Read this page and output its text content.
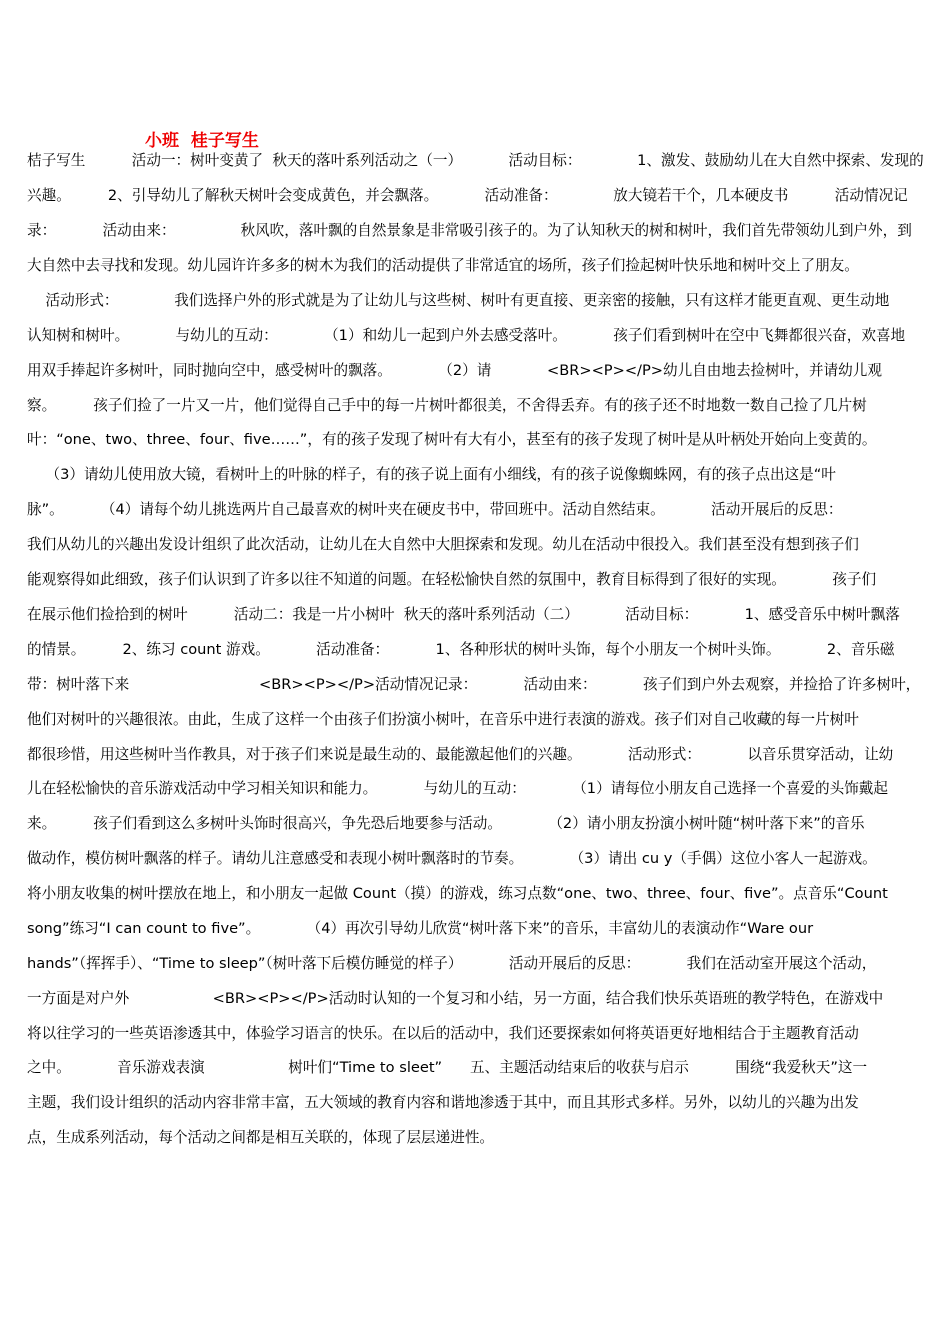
小班  桂子写生
桔子写生          活动一：树叶变黄了  秋天的落叶系列活动之（一）          活动目标：            1、激发、鼓励幼儿在大自然中探索、发现的
兴趣。        2、引导幼儿了解秋天树叶会变成黄色，并会飘落。          活动准备：            放大镜若干个，几本硬皮书          活动情况记
录：          活动由来：              秋风吹，落叶飘的自然景象是非常吸引孩子的。为了认知秋天的树和树叶，我们首先带领幼儿到户外，到
大自然中去寻找和发现。幼儿园许许多多的树木为我们的活动提供了非常适宜的场所，孩子们捡起树叶快乐地和树叶交上了朋友。
活动形式：            我们选择户外的形式就是为了让幼儿与这些树、树叶有更直接、更亲密的接触，只有这样才能更直观、更生动地
认知树和树叶。          与幼儿的互动：          （1）和幼儿一起到户外去感受落叶。          孩子们看到树叶在空中飞舞都很兴奋，欢喜地
用双手捧起许多树叶，同时抛向空中，感受树叶的飘落。          （2）请            <BR><P></P>幼儿自由地去捡树叶，并请幼儿观
察。        孩子们捡了一片又一片，他们觉得自己手中的每一片树叶都很美，不舍得丢弃。有的孩子还不时地数一数自己捡了几片树
叶：“one、two、three、four、five……”，有的孩子发现了树叶有大有小，甚至有的孩子发现了树叶是从叶柄处开始向上变黄的。
（3）请幼儿使用放大镜，看树叶上的叶脉的样子，有的孩子说上面有小细线，有的孩子说像蜘蛛网，有的孩子点出这是“叶
脉”。        （4）请每个幼儿挑选两片自己最喜欢的树叶夹在硬皮书中，带回班中。活动自然结束。          活动开展后的反思：
我们从幼儿的兴趣出发设计组织了此次活动，让幼儿在大自然中大胆探索和发现。幼儿在活动中很投入。我们甚至没有想到孩子们
能观察得如此细致，孩子们认识到了许多以往不知道的问题。在轻松愉快自然的氛围中，教育目标得到了很好的实现。          孩子们
在展示他们捡拾到的树叶          活动二：我是一片小树叶  秋天的落叶系列活动（二）          活动目标：          1、感受音乐中树叶飘落
的情景。        2、练习 count 游戏。          活动准备：          1、各种形状的树叶头饰，每个小朋友一个树叶头饰。          2、音乐磁
带：树叶落下来                            <BR><P></P>活动情况记录：          活动由来：          孩子们到户外去观察，并捡拾了许多树叶，
他们对树叶的兴趣很浓。由此，生成了这样一个由孩子们扮演小树叶，在音乐中进行表演的游戏。孩子们对自己收藏的每一片树叶
都很珍惜，用这些树叶当作教具，对于孩子们来说是最生动的、最能激起他们的兴趣。          活动形式：          以音乐贯穿活动，让幼
儿在轻松愉快的音乐游戏活动中学习相关知识和能力。          与幼儿的互动：          （1）请每位小朋友自己选择一个喜爱的头饰戴起
来。        孩子们看到这么多树叶头饰时很高兴，争先恐后地要参与活动。          （2）请小朋友扮演小树叶随“树叶落下来”的音乐
做动作，模仿树叶飘落的样子。请幼儿注意感受和表现小树叶飘落时的节奏。          （3）请出 cu y（手偶）这位小客人一起游戏。
将小朋友收集的树叶摆放在地上，和小朋友一起做 Count（摸）的游戏，练习点数“one、two、three、four、five”。点音乐“Count
song”练习“I can count to five”。          （4）再次引导幼儿欣赏“树叶落下来”的音乐，丰富幼儿的表演动作“Ware our
hands”（挥挥手）、“Time to sleep”（树叶落下后模仿睡觉的样子）          活动开展后的反思：          我们在活动室开展这个活动，
一方面是对户外                  <BR><P></P>活动时认知的一个复习和小结，另一方面，结合我们快乐英语班的教学特色，在游戏中
将以往学习的一些英语渗透其中，体验学习语言的快乐。在以后的活动中，我们还要探索如何将英语更好地相结合于主题教育活动
之中。          音乐游戏表演                  树叶们“Time to sleet”      五、主题活动结束后的收获与启示          围绕“我爱秋天”这一
主题，我们设计组织的活动内容非常丰富，五大领域的教育内容和谐地渗透于其中，而且其形式多样。另外，以幼儿的兴趣为出发
点，生成系列活动，每个活动之间都是相互关联的，体现了层层递进性。
